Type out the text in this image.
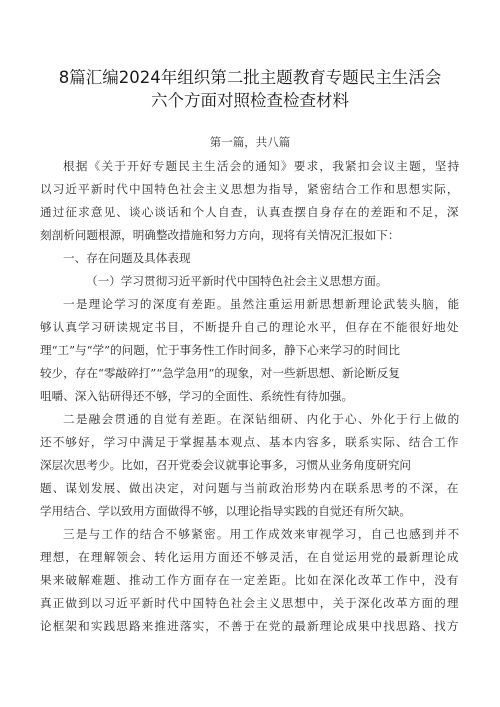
8篇汇编2024年组织第二批主题教育专题民主生活会
六个方面对照检查检查材料
第一篇，共八篇
根据《关于开好专题民主生活会的通知》要求，我紧扣会议主题，坚持
以习近平新时代中国特色社会主义思想为指导，紧密结合工作和思想实际，
通过征求意见、谈心谈话和个人自查，认真查摆自身存在的差距和不足，深
刻剖析问题根源，明确整改措施和努力方向，现将有关情况汇报如下：
一、存在问题及具体表现
（一）学习贯彻习近平新时代中国特色社会主义思想方面。
一是理论学习的深度有差距。虽然注重运用新思想新理论武装头脑，能
够认真学习研读规定书目，不断提升自己的理论水平，但存在不能很好地处
理“工”与“学”的问题，忙于事务性工作时间多，静下心来学习的时间比
较少，存在“零敲碎打”“急学急用”的现象，对一些新思想、新论断反复
咀嚼、深入钻研得还不够，学习的全面性、系统性有待加强。
二是融会贯通的自觉有差距。在深钻细研、内化于心、外化于行上做的
还不够好，学习中满足于掌握基本观点、基本内容多，联系实际、结合工作
深层次思考少。比如，召开党委会议就事论事多，习惯从业务角度研究问
题、谋划发展、做出决定，对问题与当前政治形势内在联系思考的不深，在
学用结合、学以致用方面做得不够，以理论指导实践的自觉还有所欠缺。
三是与工作的结合不够紧密。用工作成效来审视学习，自己也感到并不
理想，在理解领会、转化运用方面还不够灵活，在自觉运用党的最新理论成
果来破解难题、推动工作方面存在一定差距。比如在深化改革工作中，没有
真正做到以习近平新时代中国特色社会主义思想中，关于深化改革方面的理
论框架和实践思路来推进落实，不善于在党的最新理论成果中找思路、找方
